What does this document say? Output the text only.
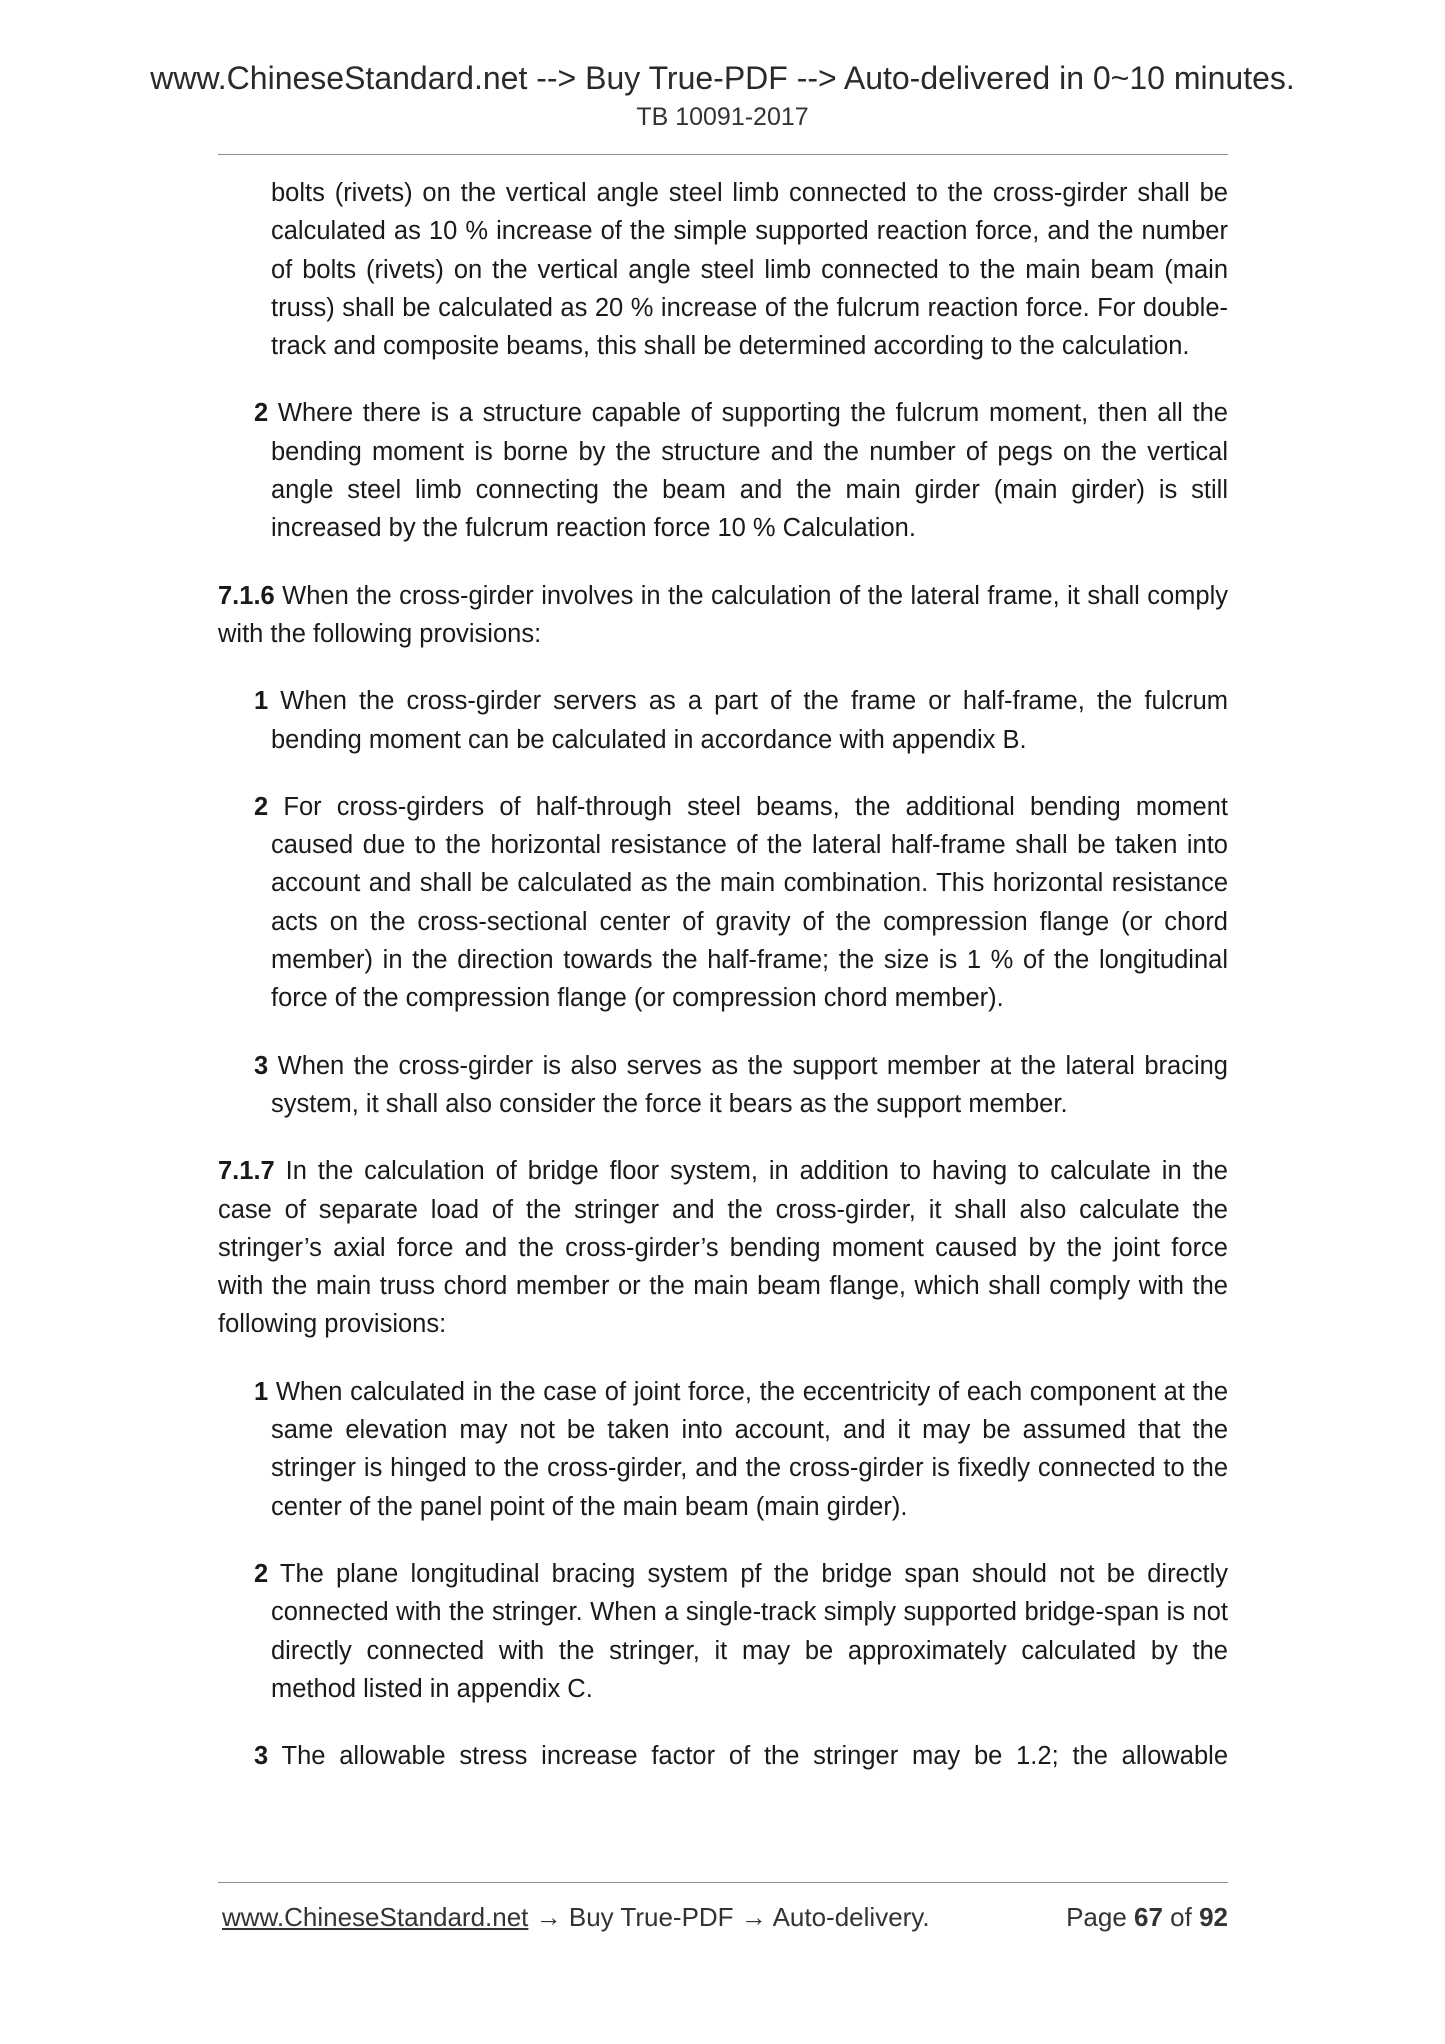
www.ChineseStandard.net --> Buy True-PDF --> Auto-delivered in 0~10 minutes.
TB 10091-2017

bolts (rivets) on the vertical angle steel limb connected to the cross-girder shall be calculated as 10 % increase of the simple supported reaction force, and the number of bolts (rivets) on the vertical angle steel limb connected to the main beam (main truss) shall be calculated as 20 % increase of the fulcrum reaction force. For double-track and composite beams, this shall be determined according to the calculation.

2 Where there is a structure capable of supporting the fulcrum moment, then all the bending moment is borne by the structure and the number of pegs on the vertical angle steel limb connecting the beam and the main girder (main girder) is still increased by the fulcrum reaction force 10 % Calculation.

7.1.6 When the cross-girder involves in the calculation of the lateral frame, it shall comply with the following provisions:

1 When the cross-girder servers as a part of the frame or half-frame, the fulcrum bending moment can be calculated in accordance with appendix B.

2 For cross-girders of half-through steel beams, the additional bending moment caused due to the horizontal resistance of the lateral half-frame shall be taken into account and shall be calculated as the main combination. This horizontal resistance acts on the cross-sectional center of gravity of the compression flange (or chord member) in the direction towards the half-frame; the size is 1 % of the longitudinal force of the compression flange (or compression chord member).

3 When the cross-girder is also serves as the support member at the lateral bracing system, it shall also consider the force it bears as the support member.

7.1.7 In the calculation of bridge floor system, in addition to having to calculate in the case of separate load of the stringer and the cross-girder, it shall also calculate the stringer’s axial force and the cross-girder’s bending moment caused by the joint force with the main truss chord member or the main beam flange, which shall comply with the following provisions:

1 When calculated in the case of joint force, the eccentricity of each component at the same elevation may not be taken into account, and it may be assumed that the stringer is hinged to the cross-girder, and the cross-girder is fixedly connected to the center of the panel point of the main beam (main girder).

2 The plane longitudinal bracing system pf the bridge span should not be directly connected with the stringer. When a single-track simply supported bridge-span is not directly connected with the stringer, it may be approximately calculated by the method listed in appendix C.

3 The allowable stress increase factor of the stringer may be 1.2; the allowable

www.ChineseStandard.net → Buy True-PDF → Auto-delivery.	Page 67 of 92
